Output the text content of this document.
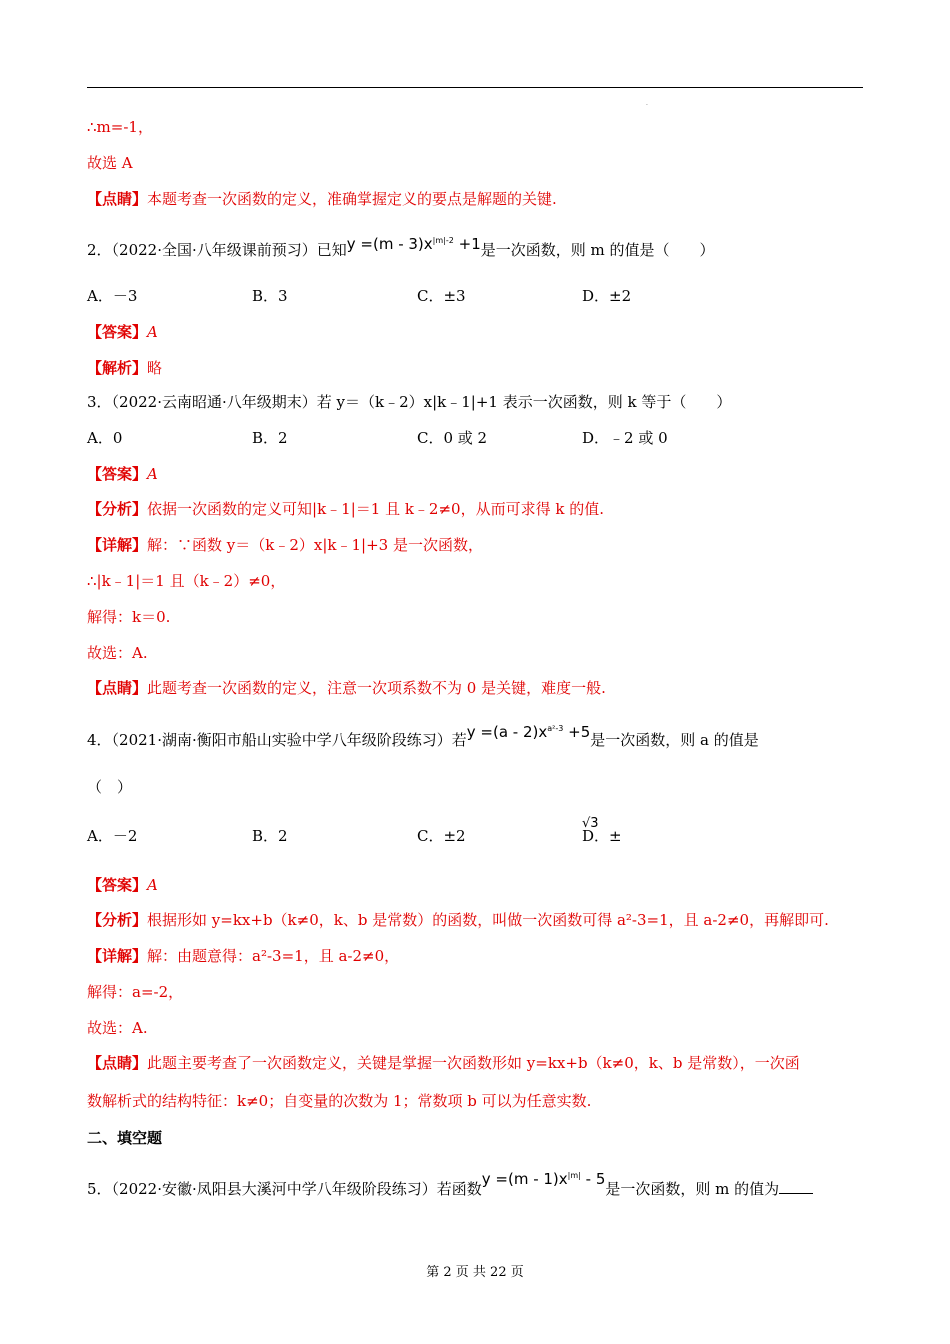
.
∴m=-1，
故选 A
【点睛】本题考查一次函数的定义，准确掌握定义的要点是解题的关键.
2．（2022·全国·八年级课前预习）已知$y =(m - 3)x^{|m|-2} +1$是一次函数，则 m 的值是（　　）
A．－3	B．3	C．±3	D．±2
【答案】A
【解析】略
3．（2022·云南昭通·八年级期末）若 y＝（k﹣2）x|k﹣1|+1 表示一次函数，则 k 等于（　　）
A．0	B．2	C．0 或 2	D．﹣2 或 0
【答案】A
【分析】依据一次函数的定义可知|k﹣1|＝1 且 k﹣2≠0，从而可求得 k 的值.
【详解】解：∵函数 y＝（k﹣2）x|k﹣1|+3 是一次函数，
∴|k﹣1|＝1 且（k﹣2）≠0，
解得：k＝0.
故选：A.
【点睛】此题考查一次函数的定义，注意一次项系数不为 0 是关键，难度一般.
4．（2021·湖南·衡阳市船山实验中学八年级阶段练习）若$y =(a - 2)x^{a^2-3} +5$是一次函数，则 a 的值是
（　）
A．－2	B．2	C．±2	D．±
√3
【答案】A
【分析】根据形如 y=kx+b（k≠0，k、b 是常数）的函数，叫做一次函数可得 a²-3=1，且 a-2≠0，再解即可.
【详解】解：由题意得：a²-3=1，且 a-2≠0，
解得：a=-2，
故选：A.
【点睛】此题主要考查了一次函数定义，关键是掌握一次函数形如 y=kx+b（k≠0，k、b 是常数），一次函
数解析式的结构特征：k≠0；自变量的次数为 1；常数项 b 可以为任意实数.
二、填空题
5．（2022·安徽·凤阳县大溪河中学八年级阶段练习）若函数$y =(m - 1)x^{|m|} - 5$是一次函数，则 m 的值为
第 2 页 共 22 页
